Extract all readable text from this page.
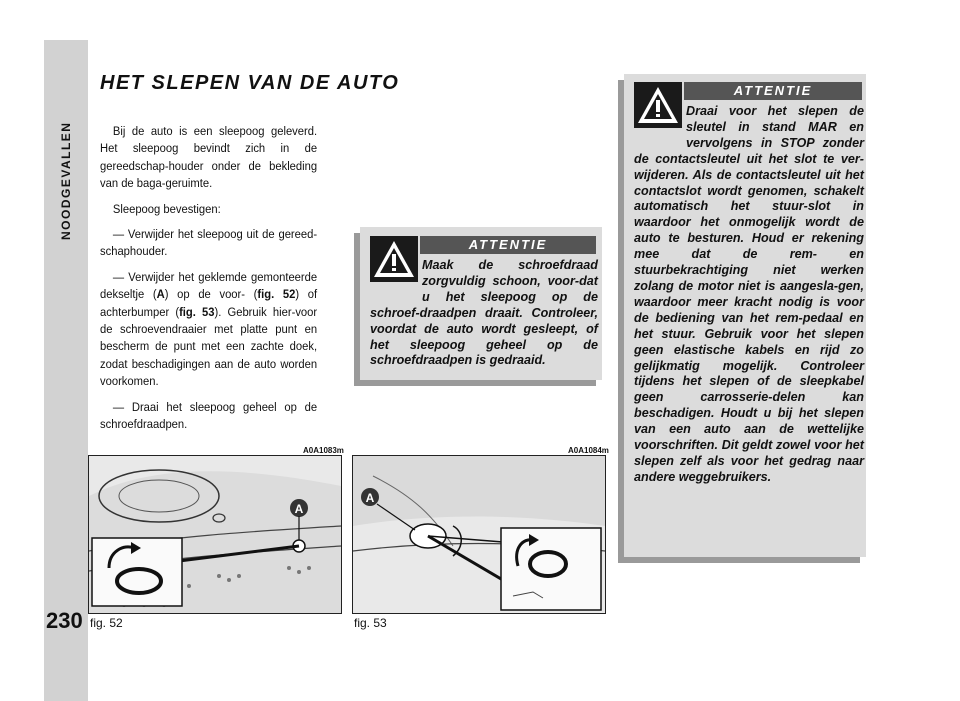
NOODGEVALLEN
230
HET SLEPEN VAN DE AUTO

Bij de auto is een sleepoog geleverd. Het sleepoog bevindt zich in de gereedschap-houder onder de bekleding van de baga-geruimte.

Sleepoog bevestigen:

— Verwijder het sleepoog uit de gereed-schaphouder.

— Verwijder het geklemde gemonteerde dekseltje (A) op de voor- (fig. 52) of achterbumper (fig. 53). Gebruik hier-voor de schroevendraaier met platte punt en bescherm de punt met een zachte doek, zodat beschadigingen aan de auto worden voorkomen.

— Draai het sleepoog geheel op de schroefdraadpen.

ATTENTIE
Maak de schroefdraad zorgvuldig schoon, voor-dat u het sleepoog op de schroef-draadpen draait. Controleer, voordat de auto wordt gesleept, of het sleepoog geheel op de schroefdraadpen is gedraaid.
ATTENTIE
Draai voor het slepen de sleutel in stand MAR en vervolgens in STOP zonder de contactsleutel uit het slot te ver-wijderen. Als de contactsleutel uit het contactslot wordt genomen, schakelt automatisch het stuur-slot in waardoor het onmogelijk wordt de auto te besturen. Houd er rekening mee dat de rem- en stuurbekrachtiging niet werken zolang de motor niet is aangesla-gen, waardoor meer kracht nodig is voor de bediening van het rem-pedaal en het stuur. Gebruik voor het slepen geen elastische kabels en rijd zo gelijkmatig mogelijk. Controleer tijdens het slepen of de sleepkabel geen carrosserie-delen kan beschadigen. Houdt u bij het slepen van een auto aan de wettelijke voorschriften. Dit geldt zowel voor het slepen zelf als voor het gedrag naar andere weggebruikers.
A0A1083m
A
fig. 52
A0A1084m
A
fig. 53
